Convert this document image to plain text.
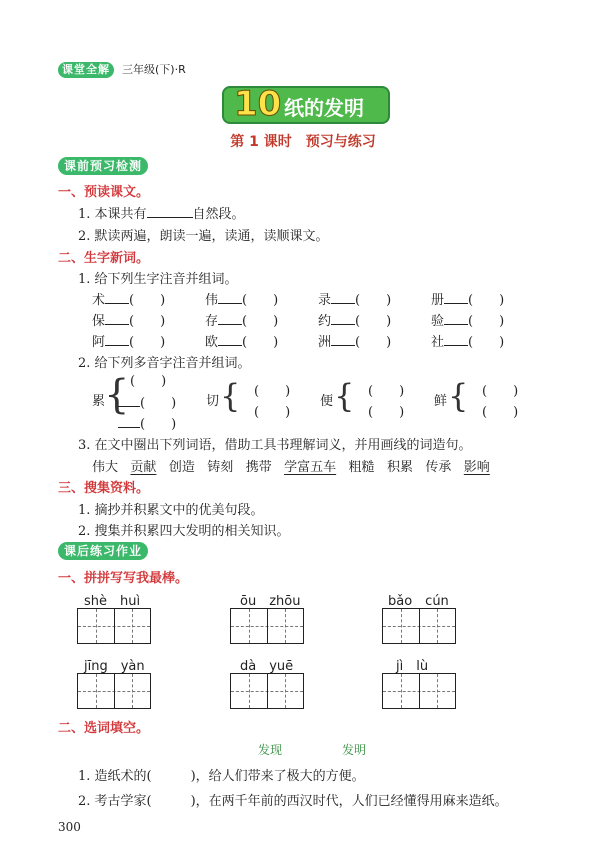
课堂全解	三年级(下)·R
10 纸的发明
第 1 课时　预习与练习
课前预习检测
一、预读课文。
1. 本课共有	自然段。
2. 默读两遍，朗读一遍，读通，读顺课文。
二、生字新词。
1. 给下列生字注音并组词。
术 (　　)	伟 (　　)	录 (　　)	册 (　　)
保 (　　)	存 (　　)	约 (　　)	验 (　　)
阿 (　　)	欧 (　　)	洲 (　　)	社 (　　)
2. 给下列多音字注音并组词。
累
{ (　　)
(　　)
(　　)
切 { (　　)
(　　)
便 { (　　)
(　　)
鲜 { (　　)
(　　)
3. 在文中圈出下列词语，借助工具书理解词义，并用画线的词造句。
伟大 贡献 创造 铸刻 携带 学富五车 粗糙 积累 传承 影响
三、搜集资料。
1. 摘抄并积累文中的优美句段。
2. 搜集并积累四大发明的相关知识。
课后练习作业
一、拼拼写写我最棒。
shè　huì	ōu　zhōu	bǎo　cún
jīng　yàn	dà　yuē	jì　lù
二、选词填空。
发现	发明
1. 造纸术的(　　　)，给人们带来了极大的方便。
2. 考古学家(　　　)，在两千年前的西汉时代，人们已经懂得用麻来造纸。
300
